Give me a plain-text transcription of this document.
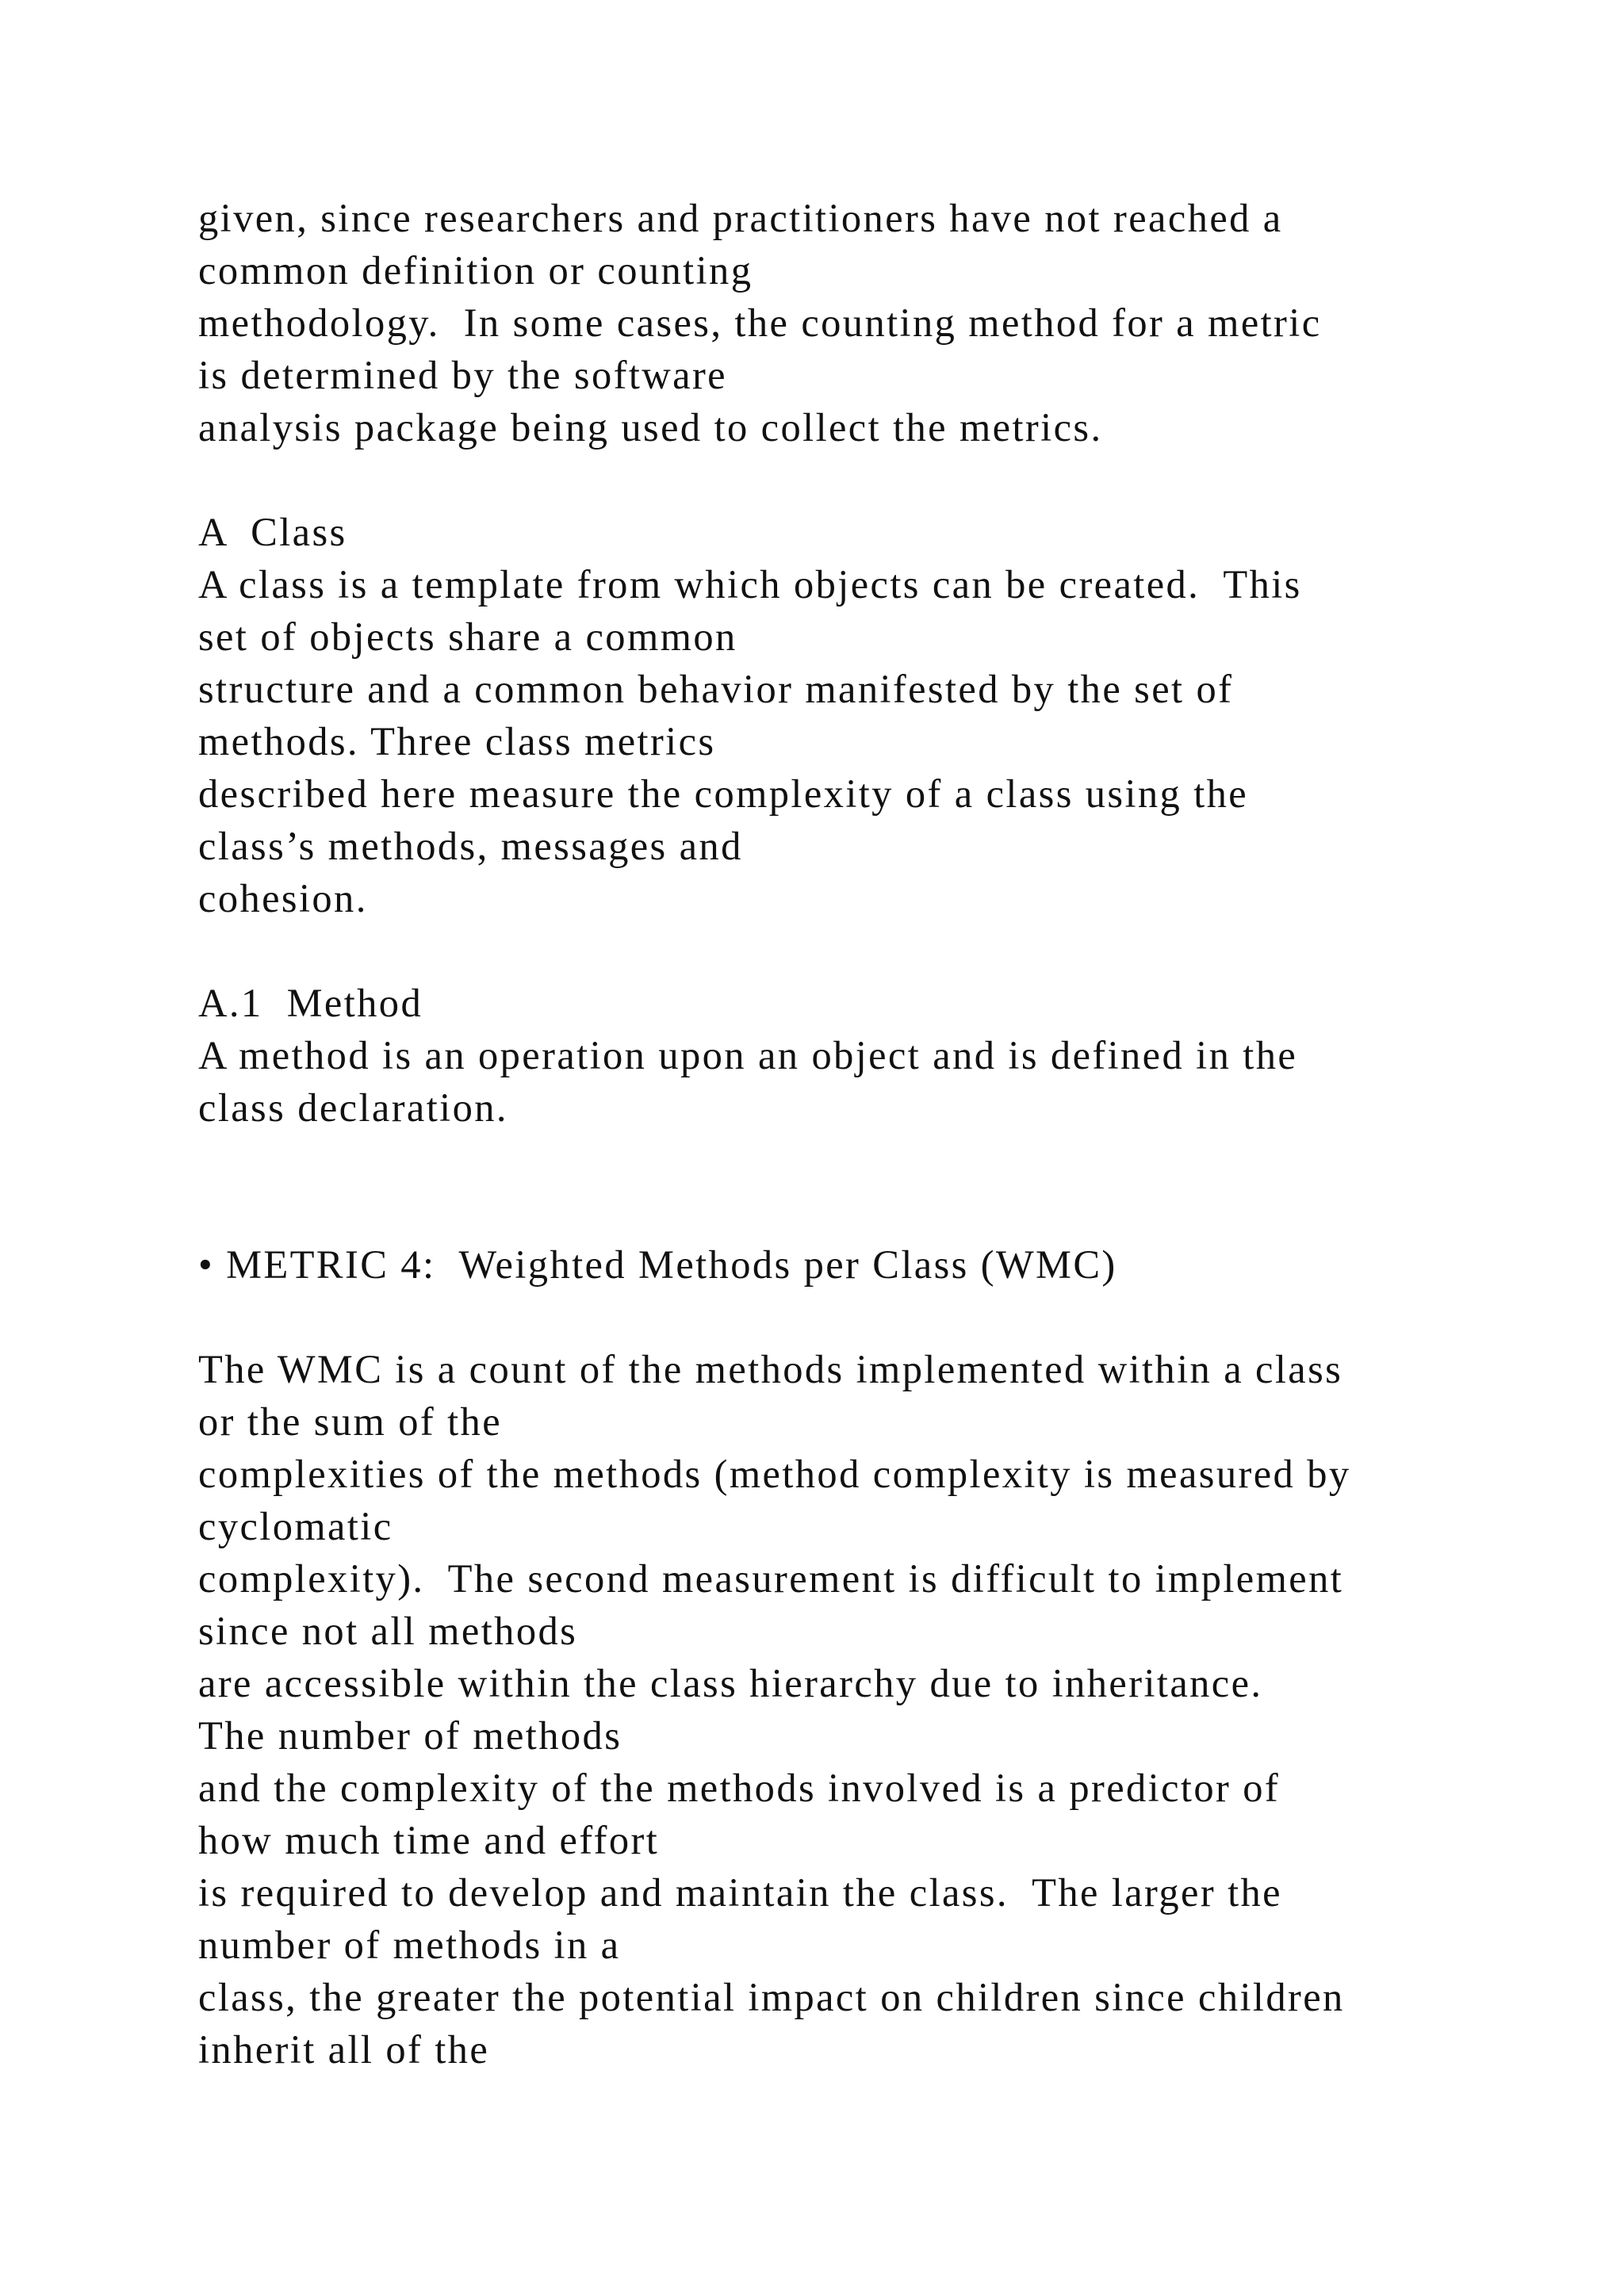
given, since researchers and practitioners have not reached a
common definition or counting
methodology.  In some cases, the counting method for a metric
is determined by the software
analysis package being used to collect the metrics.
A  Class
A class is a template from which objects can be created.  This
set of objects share a common
structure and a common behavior manifested by the set of
methods. Three class metrics
described here measure the complexity of a class using the
class’s methods, messages and
cohesion.
A.1  Method
A method is an operation upon an object and is defined in the
class declaration.
• METRIC 4:  Weighted Methods per Class (WMC)
The WMC is a count of the methods implemented within a class
or the sum of the
complexities of the methods (method complexity is measured by
cyclomatic
complexity).  The second measurement is difficult to implement
since not all methods
are accessible within the class hierarchy due to inheritance.
The number of methods
and the complexity of the methods involved is a predictor of
how much time and effort
is required to develop and maintain the class.  The larger the
number of methods in a
class, the greater the potential impact on children since children
inherit all of the
